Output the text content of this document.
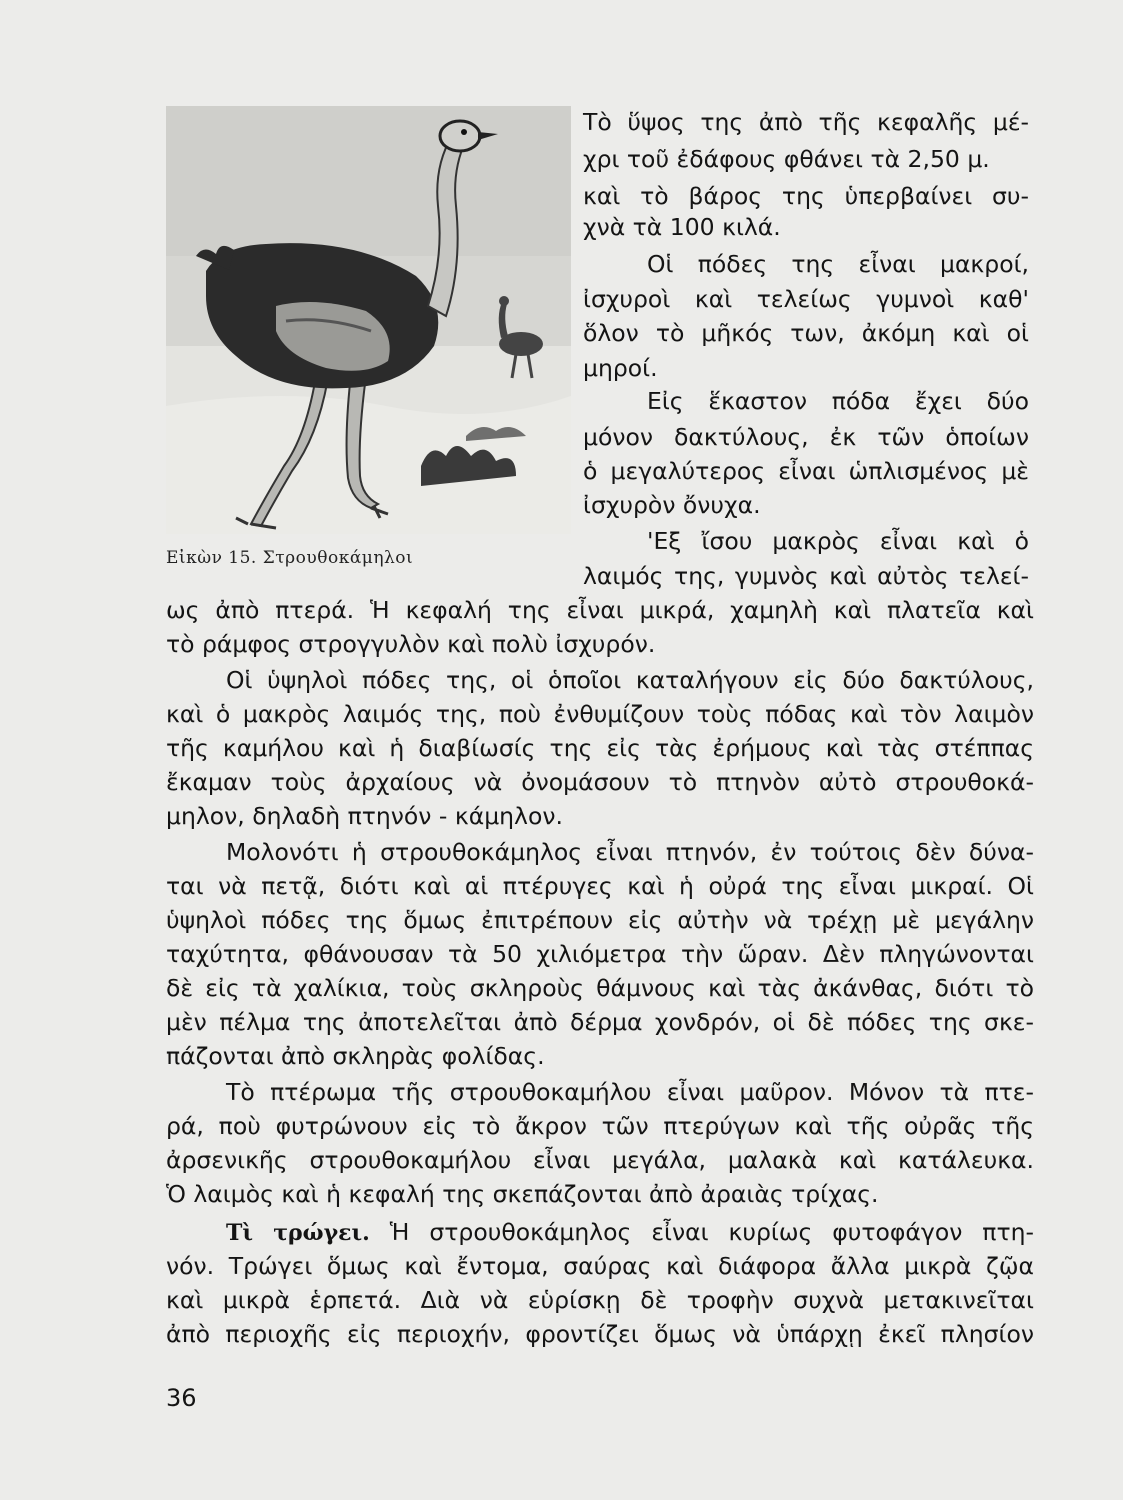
Εἰκὼν 15. Στρουθοκάμηλοι
Τὸ ὕψος της ἀπὸ τῆς κεφαλῆς μέ-
χρι τοῦ ἐδάφους φθάνει τὰ 2,50 μ.
καὶ τὸ βάρος της ὑπερβαίνει συ-
χνὰ τὰ 100 κιλά.
Οἱ πόδες της εἶναι μακροί,
ἰσχυροὶ καὶ τελείως γυμνοὶ καθ'
ὅλον τὸ μῆκός των, ἀκόμη καὶ οἱ
μηροί.
Εἰς ἕκαστον πόδα ἔχει δύο
μόνον δακτύλους, ἐκ τῶν ὁποίων
ὁ μεγαλύτερος εἶναι ὡπλισμένος μὲ
ἰσχυρὸν ὄνυχα.
'Εξ ἴσου μακρὸς εἶναι καὶ ὁ
λαιμός της, γυμνὸς καὶ αὐτὸς τελεί-
ως ἀπὸ πτερά. Ἡ κεφαλή της εἶναι μικρά, χαμηλὴ καὶ πλατεῖα καὶ
τὸ ράμφος στρογγυλὸν καὶ πολὺ ἰσχυρόν.
Οἱ ὑψηλοὶ πόδες της, οἱ ὁποῖοι καταλήγουν εἰς δύο δακτύλους,
καὶ ὁ μακρὸς λαιμός της, ποὺ ἐνθυμίζουν τοὺς πόδας καὶ τὸν λαιμὸν
τῆς καμήλου καὶ ἡ διαβίωσίς της εἰς τὰς ἐρήμους καὶ τὰς στέππας
ἔκαμαν τοὺς ἀρχαίους νὰ ὀνομάσουν τὸ πτηνὸν αὐτὸ στρουθοκά-
μηλον, δηλαδὴ πτηνόν - κάμηλον.
Μολονότι ἡ στρουθοκάμηλος εἶναι πτηνόν, ἐν τούτοις δὲν δύνα-
ται νὰ πετᾷ, διότι καὶ αἱ πτέρυγες καὶ ἡ οὐρά της εἶναι μικραί. Οἱ
ὑψηλοὶ πόδες της ὅμως ἐπιτρέπουν εἰς αὐτὴν νὰ τρέχῃ μὲ μεγάλην
ταχύτητα, φθάνουσαν τὰ 50 χιλιόμετρα τὴν ὥραν. Δὲν πληγώνονται
δὲ εἰς τὰ χαλίκια, τοὺς σκληροὺς θάμνους καὶ τὰς ἀκάνθας, διότι τὸ
μὲν πέλμα της ἀποτελεῖται ἀπὸ δέρμα χονδρόν, οἱ δὲ πόδες της σκε-
πάζονται ἀπὸ σκληρὰς φολίδας.
Τὸ πτέρωμα τῆς στρουθοκαμήλου εἶναι μαῦρον. Μόνον τὰ πτε-
ρά, ποὺ φυτρώνουν εἰς τὸ ἄκρον τῶν πτερύγων καὶ τῆς οὐρᾶς τῆς
ἀρσενικῆς στρουθοκαμήλου εἶναι μεγάλα, μαλακὰ καὶ κατάλευκα.
Ὁ λαιμὸς καὶ ἡ κεφαλή της σκεπάζονται ἀπὸ ἀραιὰς τρίχας.
Τὶ τρώγει. Ἡ στρουθοκάμηλος εἶναι κυρίως φυτοφάγον πτη-
νόν. Τρώγει ὅμως καὶ ἔντομα, σαύρας καὶ διάφορα ἄλλα μικρὰ ζῷα
καὶ μικρὰ ἑρπετά. Διὰ νὰ εὑρίσκῃ δὲ τροφὴν συχνὰ μετακινεῖται
ἀπὸ περιοχῆς εἰς περιοχήν, φροντίζει ὅμως νὰ ὑπάρχῃ ἐκεῖ πλησίον
36
